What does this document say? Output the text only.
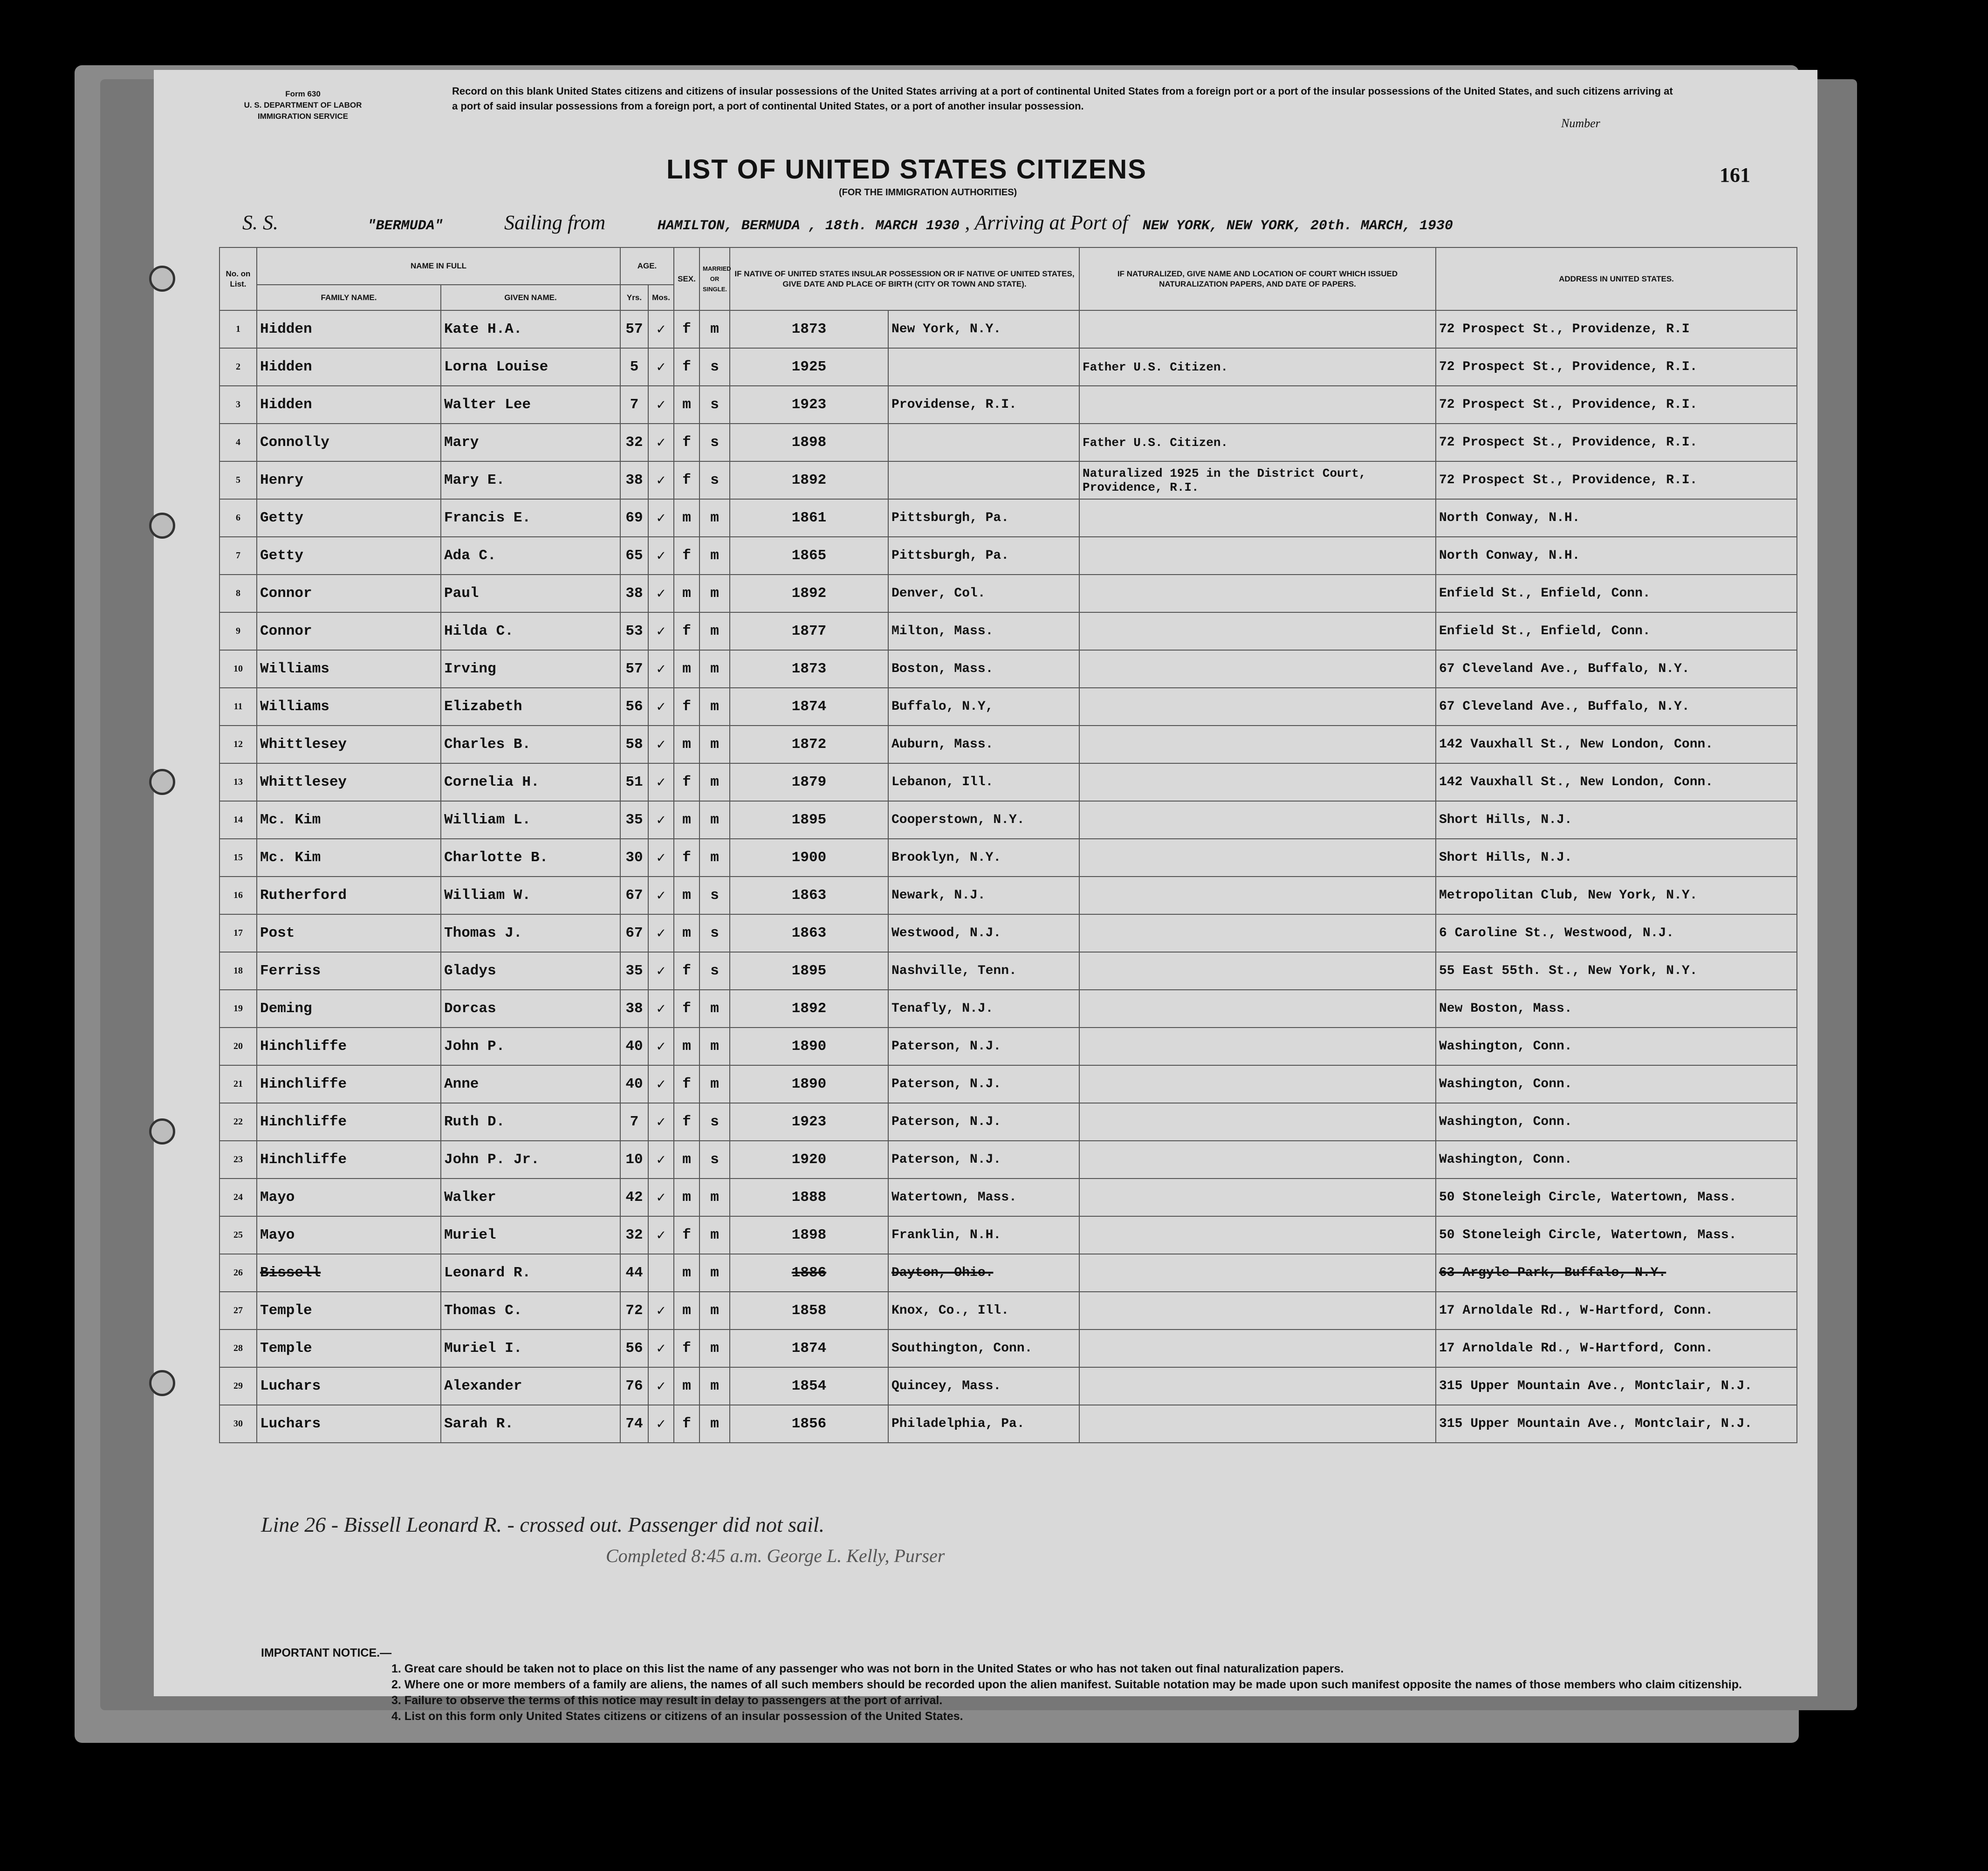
Form 630
U. S. DEPARTMENT OF LABOR
IMMIGRATION SERVICE
Record on this blank United States citizens and citizens of insular possessions of the United States arriving at a port of continental United States from a foreign port or a port of the insular possessions of the United States, and such citizens arriving at a port of said insular possessions from a foreign port, a port of continental United States, or a port of another insular possession.
Number
161
LIST OF UNITED STATES CITIZENS
(FOR THE IMMIGRATION AUTHORITIES)
S. S.	"BERMUDA"	Sailing from	HAMILTON, BERMUDA , 18th. MARCH 1930 , Arriving at Port of NEW YORK, NEW YORK, 20th. MARCH, 1930
No. on List.	NAME IN FULL		AGE.		SEX.	MARRIED OR SINGLE.	IF NATIVE OF UNITED STATES INSULAR POSSESSION OR IF NATIVE OF UNITED STATES, GIVE DATE AND PLACE OF BIRTH (CITY OR TOWN AND STATE).		IF NATURALIZED, GIVE NAME AND LOCATION OF COURT WHICH ISSUED NATURALIZATION PAPERS, AND DATE OF PAPERS.	ADDRESS IN UNITED STATES.
	FAMILY NAME.	GIVEN NAME.	Yrs.	Mos.						
1	Hidden	Kate H.A.	57	✓	f	m	1873	New York, N.Y.		72 Prospect St., Providenze, R.I
2	Hidden	Lorna Louise	5	✓	f	s	1925		Father U.S. Citizen.	72 Prospect St., Providence, R.I.
3	Hidden	Walter Lee	7	✓	m	s	1923	Providense, R.I.		72 Prospect St., Providence, R.I.
4	Connolly	Mary	32	✓	f	s	1898		Father U.S. Citizen.	72 Prospect St., Providence, R.I.
5	Henry	Mary E.	38	✓	f	s	1892		Naturalized 1925 in the District Court, Providence, R.I.	72 Prospect St., Providence, R.I.
6	Getty	Francis E.	69	✓	m	m	1861	Pittsburgh, Pa.		North Conway, N.H.
7	Getty	Ada C.	65	✓	f	m	1865	Pittsburgh, Pa.		North Conway, N.H.
8	Connor	Paul	38	✓	m	m	1892	Denver, Col.		Enfield St., Enfield, Conn.
9	Connor	Hilda C.	53	✓	f	m	1877	Milton, Mass.		Enfield St., Enfield, Conn.
10	Williams	Irving	57	✓	m	m	1873	Boston, Mass.		67 Cleveland Ave., Buffalo, N.Y.
11	Williams	Elizabeth	56	✓	f	m	1874	Buffalo, N.Y,		67 Cleveland Ave., Buffalo, N.Y.
12	Whittlesey	Charles B.	58	✓	m	m	1872	Auburn, Mass.		142 Vauxhall St., New London, Conn.
13	Whittlesey	Cornelia H.	51	✓	f	m	1879	Lebanon, Ill.		142 Vauxhall St., New London, Conn.
14	Mc. Kim	William L.	35	✓	m	m	1895	Cooperstown, N.Y.		Short Hills, N.J.
15	Mc. Kim	Charlotte B.	30	✓	f	m	1900	Brooklyn, N.Y.		Short Hills, N.J.
16	Rutherford	William W.	67	✓	m	s	1863	Newark, N.J.		Metropolitan Club, New York, N.Y.
17	Post	Thomas J.	67	✓	m	s	1863	Westwood, N.J.		6 Caroline St., Westwood, N.J.
18	Ferriss	Gladys	35	✓	f	s	1895	Nashville, Tenn.		55 East 55th. St., New York, N.Y.
19	Deming	Dorcas	38	✓	f	m	1892	Tenafly, N.J.		New Boston, Mass.
20	Hinchliffe	John P.	40	✓	m	m	1890	Paterson, N.J.		Washington, Conn.
21	Hinchliffe	Anne	40	✓	f	m	1890	Paterson, N.J.		Washington, Conn.
22	Hinchliffe	Ruth D.	7	✓	f	s	1923	Paterson, N.J.		Washington, Conn.
23	Hinchliffe	John P. Jr.	10	✓	m	s	1920	Paterson, N.J.		Washington, Conn.
24	Mayo	Walker	42	✓	m	m	1888	Watertown, Mass.		50 Stoneleigh Circle, Watertown, Mass.
25	Mayo	Muriel	32	✓	f	m	1898	Franklin, N.H.		50 Stoneleigh Circle, Watertown, Mass.
26	Bissell	Leonard R.	44		m	m	1886	Dayton, Ohio.		63 Argyle Park, Buffalo, N.Y.
27	Temple	Thomas C.	72	✓	m	m	1858	Knox, Co., Ill.		17 Arnoldale Rd., W-Hartford, Conn.
28	Temple	Muriel I.	56	✓	f	m	1874	Southington, Conn.		17 Arnoldale Rd., W-Hartford, Conn.
29	Luchars	Alexander	76	✓	m	m	1854	Quincey, Mass.		315 Upper Mountain Ave., Montclair, N.J.
30	Luchars	Sarah R.	74	✓	f	m	1856	Philadelphia, Pa.		315 Upper Mountain Ave., Montclair, N.J.
Line 26 - Bissell Leonard R. - crossed out. Passenger did not sail.
Completed 8:45 a.m. George L. Kelly, Purser
IMPORTANT NOTICE.—
1. Great care should be taken not to place on this list the name of any passenger who was not born in the United States or who has not taken out final naturalization papers.
2. Where one or more members of a family are aliens, the names of all such members should be recorded upon the alien manifest. Suitable notation may be made upon such manifest opposite the names of those members who claim citizenship.
3. Failure to observe the terms of this notice may result in delay to passengers at the port of arrival.
4. List on this form only United States citizens or citizens of an insular possession of the United States.
